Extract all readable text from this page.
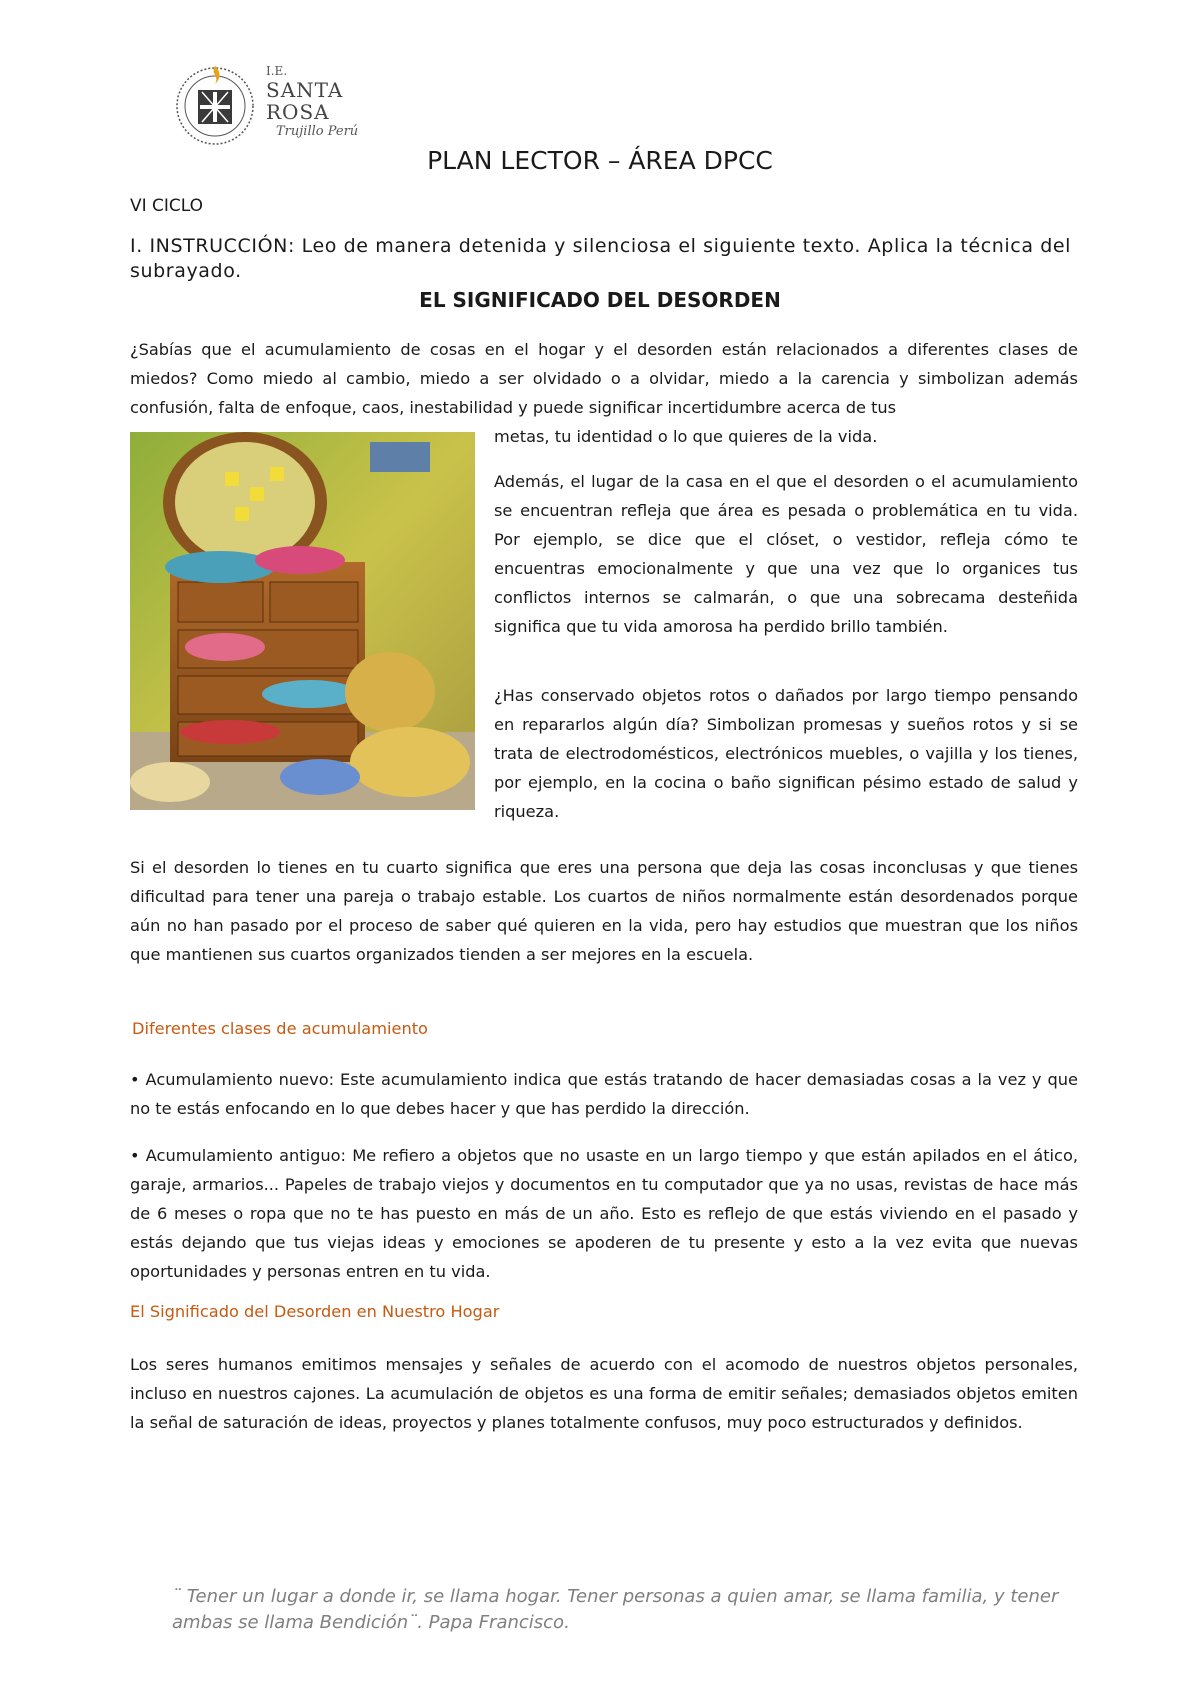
I.E.
SANTA
ROSA
Trujillo Perú
PLAN LECTOR – ÁREA DPCC
VI CICLO
I. INSTRUCCIÓN: Leo de manera detenida y silenciosa el siguiente texto. Aplica la técnica del subrayado.
EL SIGNIFICADO DEL DESORDEN
¿Sabías que el acumulamiento de cosas en el hogar y el desorden están relacionados a diferentes clases de miedos? Como miedo al cambio, miedo a ser olvidado o a olvidar, miedo a la carencia y simbolizan además confusión, falta de enfoque, caos, inestabilidad y puede significar incertidumbre acerca de tus
metas, tu identidad o lo que quieres de la vida.
Además, el lugar de la casa en el que el desorden o el acumulamiento se encuentran refleja que área es pesada o problemática en tu vida. Por ejemplo, se dice que el clóset, o vestidor, refleja cómo te encuentras emocionalmente y que una vez que lo organices tus conflictos internos se calmarán, o que una sobrecama desteñida significa que tu vida amorosa ha perdido brillo también.
¿Has conservado objetos rotos o dañados por largo tiempo pensando en repararlos algún día? Simbolizan promesas y sueños rotos y si se trata de electrodomésticos, electrónicos muebles, o vajilla y los tienes, por ejemplo, en la cocina o baño significan pésimo estado de salud y riqueza.
Si el desorden lo tienes en tu cuarto significa que eres una persona que deja las cosas inconclusas y que tienes dificultad para tener una pareja o trabajo estable. Los cuartos de niños normalmente están desordenados porque aún no han pasado por el proceso de saber qué quieren en la vida, pero hay estudios que muestran que los niños que mantienen sus cuartos organizados tienden a ser mejores en la escuela.
Diferentes clases de acumulamiento
• Acumulamiento nuevo: Este acumulamiento indica que estás tratando de hacer demasiadas cosas a la vez y que no te estás enfocando en lo que debes hacer y que has perdido la dirección.
• Acumulamiento antiguo: Me refiero a objetos que no usaste en un largo tiempo y que están apilados en el ático, garaje, armarios... Papeles de trabajo viejos y documentos en tu computador que ya no usas, revistas de hace más de 6 meses o ropa que no te has puesto en más de un año. Esto es reflejo de que estás viviendo en el pasado y estás dejando que tus viejas ideas y emociones se apoderen de tu presente y esto a la vez evita que nuevas oportunidades y personas entren en tu vida.
El Significado del Desorden en Nuestro Hogar
Los seres humanos emitimos mensajes y señales de acuerdo con el acomodo de nuestros objetos personales, incluso en nuestros cajones. La acumulación de objetos es una forma de emitir señales; demasiados objetos emiten la señal de saturación de ideas, proyectos y planes totalmente confusos, muy poco estructurados y definidos.
¨ Tener un lugar a donde ir, se llama hogar. Tener personas a quien amar, se llama familia, y tener ambas se llama Bendición¨. Papa Francisco.
